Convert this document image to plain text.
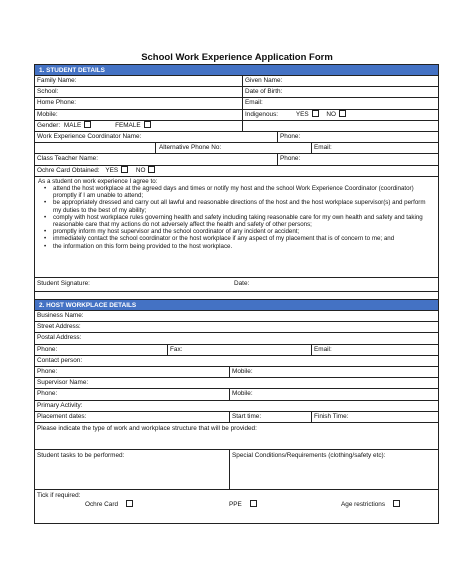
School Work Experience Application Form
1. STUDENT DETAILS
Family Name:	Given Name:
School:	Date of Birth:
Home Phone:	Email:
Mobile:	Indigenous:	YES	NO
Gender: MALE	FEMALE
Work Experience Coordinator Name:	Phone:
Alternative Phone No:	Email:
Class Teacher Name:	Phone:
Ochre Card Obtained: YES	NO
As a student on work experience I agree to:
• attend the host workplace at the agreed days and times or notify my host and the school Work Experience Coordinator (coordinator) promptly if I am unable to attend;
• be appropriately dressed and carry out all lawful and reasonable directions of the host and the host workplace supervisor(s) and perform my duties to the best of my ability;
• comply with host workplace rules governing health and safety including taking reasonable care for my own health and safety and taking reasonable care that my actions do not adversely affect the health and safety of other persons;
• promptly inform my host supervisor and the school coordinator of any incident or accident;
• immediately contact the school coordinator or the host workplace if any aspect of my placement that is of concern to me; and
• the information on this form being provided to the host workplace.
Student Signature:	Date:
2. HOST WORKPLACE DETAILS
Business Name:
Street Address:
Postal Address:
Phone:	Fax:	Email:
Contact person:
Phone:	Mobile:
Supervisor Name:
Phone:	Mobile:
Primary Activity:
Placement dates:	Start time:	Finish Time:
Please indicate the type of work and workplace structure that will be provided:
Student tasks to be performed:	Special Conditions/Requirements (clothing/safety etc):
Tick if required:
Ochre Card	PPE	Age restrictions
